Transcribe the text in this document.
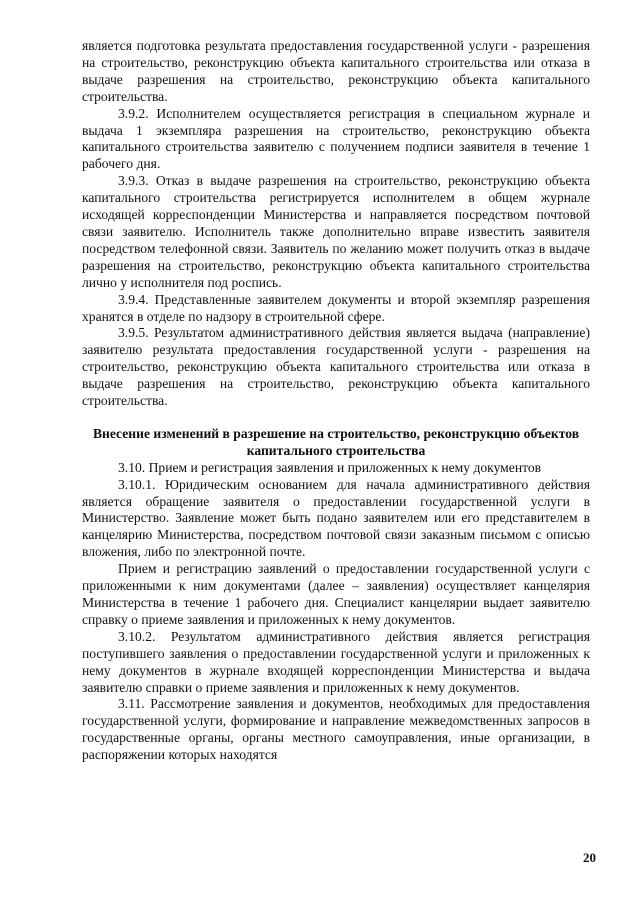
является подготовка результата предоставления государственной услуги - разрешения на строительство, реконструкцию объекта капитального строительства или отказа в выдаче разрешения на строительство, реконструкцию объекта капитального строительства.

3.9.2. Исполнителем осуществляется регистрация в специальном журнале и выдача 1 экземпляра разрешения на строительство, реконструкцию объекта капитального строительства заявителю с получением подписи заявителя в течение 1 рабочего дня.

3.9.3. Отказ в выдаче разрешения на строительство, реконструкцию объекта капитального строительства регистрируется исполнителем в общем журнале исходящей корреспонденции Министерства и направляется посредством почтовой связи заявителю. Исполнитель также дополнительно вправе известить заявителя посредством телефонной связи. Заявитель по желанию может получить отказ в выдаче разрешения на строительство, реконструкцию объекта капитального строительства лично у исполнителя под роспись.

3.9.4. Представленные заявителем документы и второй экземпляр разрешения хранятся в отделе по надзору в строительной сфере.

3.9.5. Результатом административного действия является выдача (направление) заявителю результата предоставления государственной услуги - разрешения на строительство, реконструкцию объекта капитального строительства или отказа в выдаче разрешения на строительство, реконструкцию объекта капитального строительства.

Внесение изменений в разрешение на строительство, реконструкцию объектов капитального строительства

3.10. Прием и регистрация заявления и приложенных к нему документов

3.10.1. Юридическим основанием для начала административного действия является обращение заявителя о предоставлении государственной услуги в Министерство. Заявление может быть подано заявителем или его представителем в канцелярию Министерства, посредством почтовой связи заказным письмом с описью вложения, либо по электронной почте.

Прием и регистрацию заявлений о предоставлении государственной услуги с приложенными к ним документами (далее – заявления) осуществляет канцелярия Министерства в течение 1 рабочего дня. Специалист канцелярии выдает заявителю справку о приеме заявления и приложенных к нему документов.

3.10.2. Результатом административного действия является регистрация поступившего заявления о предоставлении государственной услуги и приложенных к нему документов в журнале входящей корреспонденции Министерства и выдача заявителю справки о приеме заявления и приложенных к нему документов.

3.11. Рассмотрение заявления и документов, необходимых для предоставления государственной услуги, формирование и направление межведомственных запросов в государственные органы, органы местного самоуправления, иные организации, в распоряжении которых находятся

20
